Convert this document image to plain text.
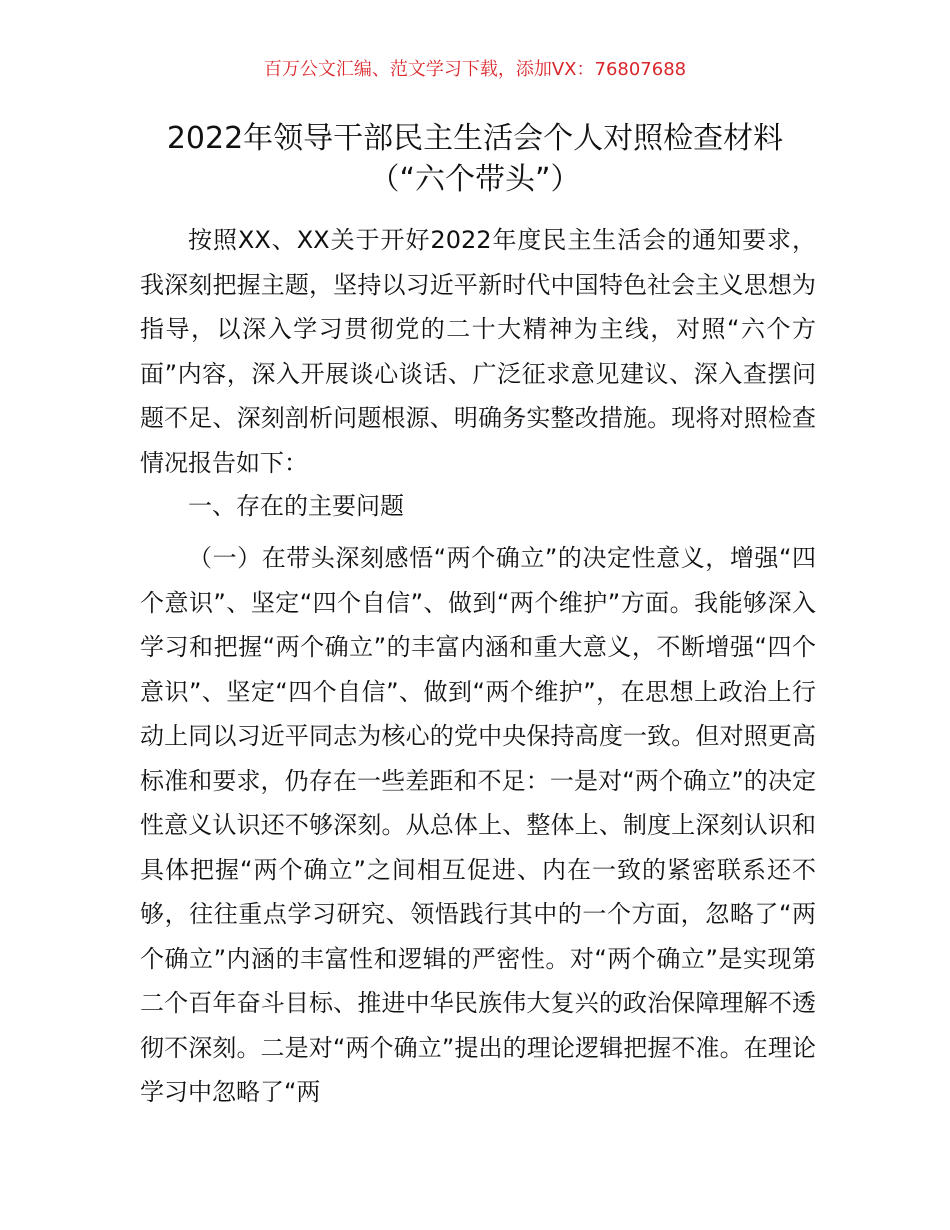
百万公文汇编、范文学习下载，添加VX：76807688
2022年领导干部民主生活会个人对照检查材料
（“六个带头”）

按照XX、XX关于开好2022年度民主生活会的通知要求，我深刻把握主题，坚持以习近平新时代中国特色社会主义思想为指导，以深入学习贯彻党的二十大精神为主线，对照“六个方面”内容，深入开展谈心谈话、广泛征求意见建议、深入查摆问题不足、深刻剖析问题根源、明确务实整改措施。现将对照检查情况报告如下：

一、存在的主要问题

（一）在带头深刻感悟“两个确立”的决定性意义，增强“四个意识”、坚定“四个自信”、做到“两个维护”方面。我能够深入学习和把握“两个确立”的丰富内涵和重大意义，不断增强“四个意识”、坚定“四个自信”、做到“两个维护”，在思想上政治上行动上同以习近平同志为核心的党中央保持高度一致。但对照更高标准和要求，仍存在一些差距和不足：一是对“两个确立”的决定性意义认识还不够深刻。从总体上、整体上、制度上深刻认识和具体把握“两个确立”之间相互促进、内在一致的紧密联系还不够，往往重点学习研究、领悟践行其中的一个方面，忽略了“两个确立”内涵的丰富性和逻辑的严密性。对“两个确立”是实现第二个百年奋斗目标、推进中华民族伟大复兴的政治保障理解不透彻不深刻。二是对“两个确立”提出的理论逻辑把握不准。在理论学习中忽略了“两
